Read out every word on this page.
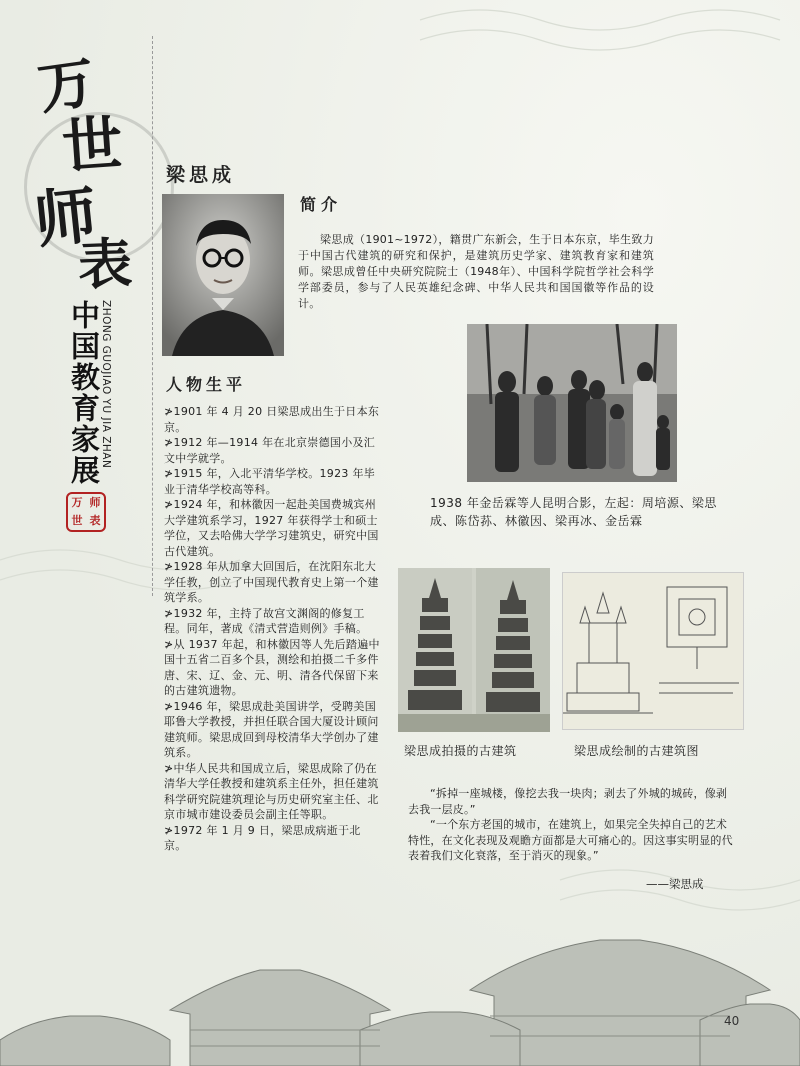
万
世
师
表
中国教育家展 ZHONG GUOJIAO YU JIA ZHAN
万 师
世 表
梁思成
简介
梁思成（1901~1972），籍贯广东新会，生于日本东京，毕生致力于中国古代建筑的研究和保护，是建筑历史学家、建筑教育家和建筑师。梁思成曾任中央研究院院士（1948年）、中国科学院哲学社会科学学部委员，参与了人民英雄纪念碑、中华人民共和国国徽等作品的设计。
人物生平

≯1901 年 4 月 20 日梁思成出生于日本东京。

≯1912 年—1914 年在北京崇德国小及汇文中学就学。

≯1915 年，入北平清华学校。1923 年毕业于清华学校高等科。

≯1924 年，和林徽因一起赴美国费城宾州大学建筑系学习，1927 年获得学士和硕士学位，又去哈佛大学学习建筑史，研究中国古代建筑。

≯1928 年从加拿大回国后，在沈阳东北大学任教，创立了中国现代教育史上第一个建筑学系。

≯1932 年，主持了故宫文渊阁的修复工程。同年，著成《清式营造则例》手稿。

≯从 1937 年起，和林徽因等人先后踏遍中国十五省二百多个县，测绘和拍摄二千多件唐、宋、辽、金、元、明、清各代保留下来的古建筑遗物。

≯1946 年，梁思成赴美国讲学，受聘美国耶鲁大学教授，并担任联合国大厦设计顾问建筑师。梁思成回到母校清华大学创办了建筑系。

≯中华人民共和国成立后，梁思成除了仍在清华大学任教授和建筑系主任外，担任建筑科学研究院建筑理论与历史研究室主任、北京市城市建设委员会副主任等职。

≯1972 年 1 月 9 日，梁思成病逝于北京。

1938 年金岳霖等人昆明合影，左起：周培源、梁思成、陈岱荪、林徽因、梁再冰、金岳霖
梁思成拍摄的古建筑	梁思成绘制的古建筑图

“拆掉一座城楼，像挖去我一块肉；剥去了外城的城砖，像剥去我一层皮。”

“一个东方老国的城市，在建筑上，如果完全失掉自己的艺术特性，在文化表现及观瞻方面都是大可痛心的。因这事实明显的代表着我们文化衰落，至于消灭的现象。”

——梁思成
40
